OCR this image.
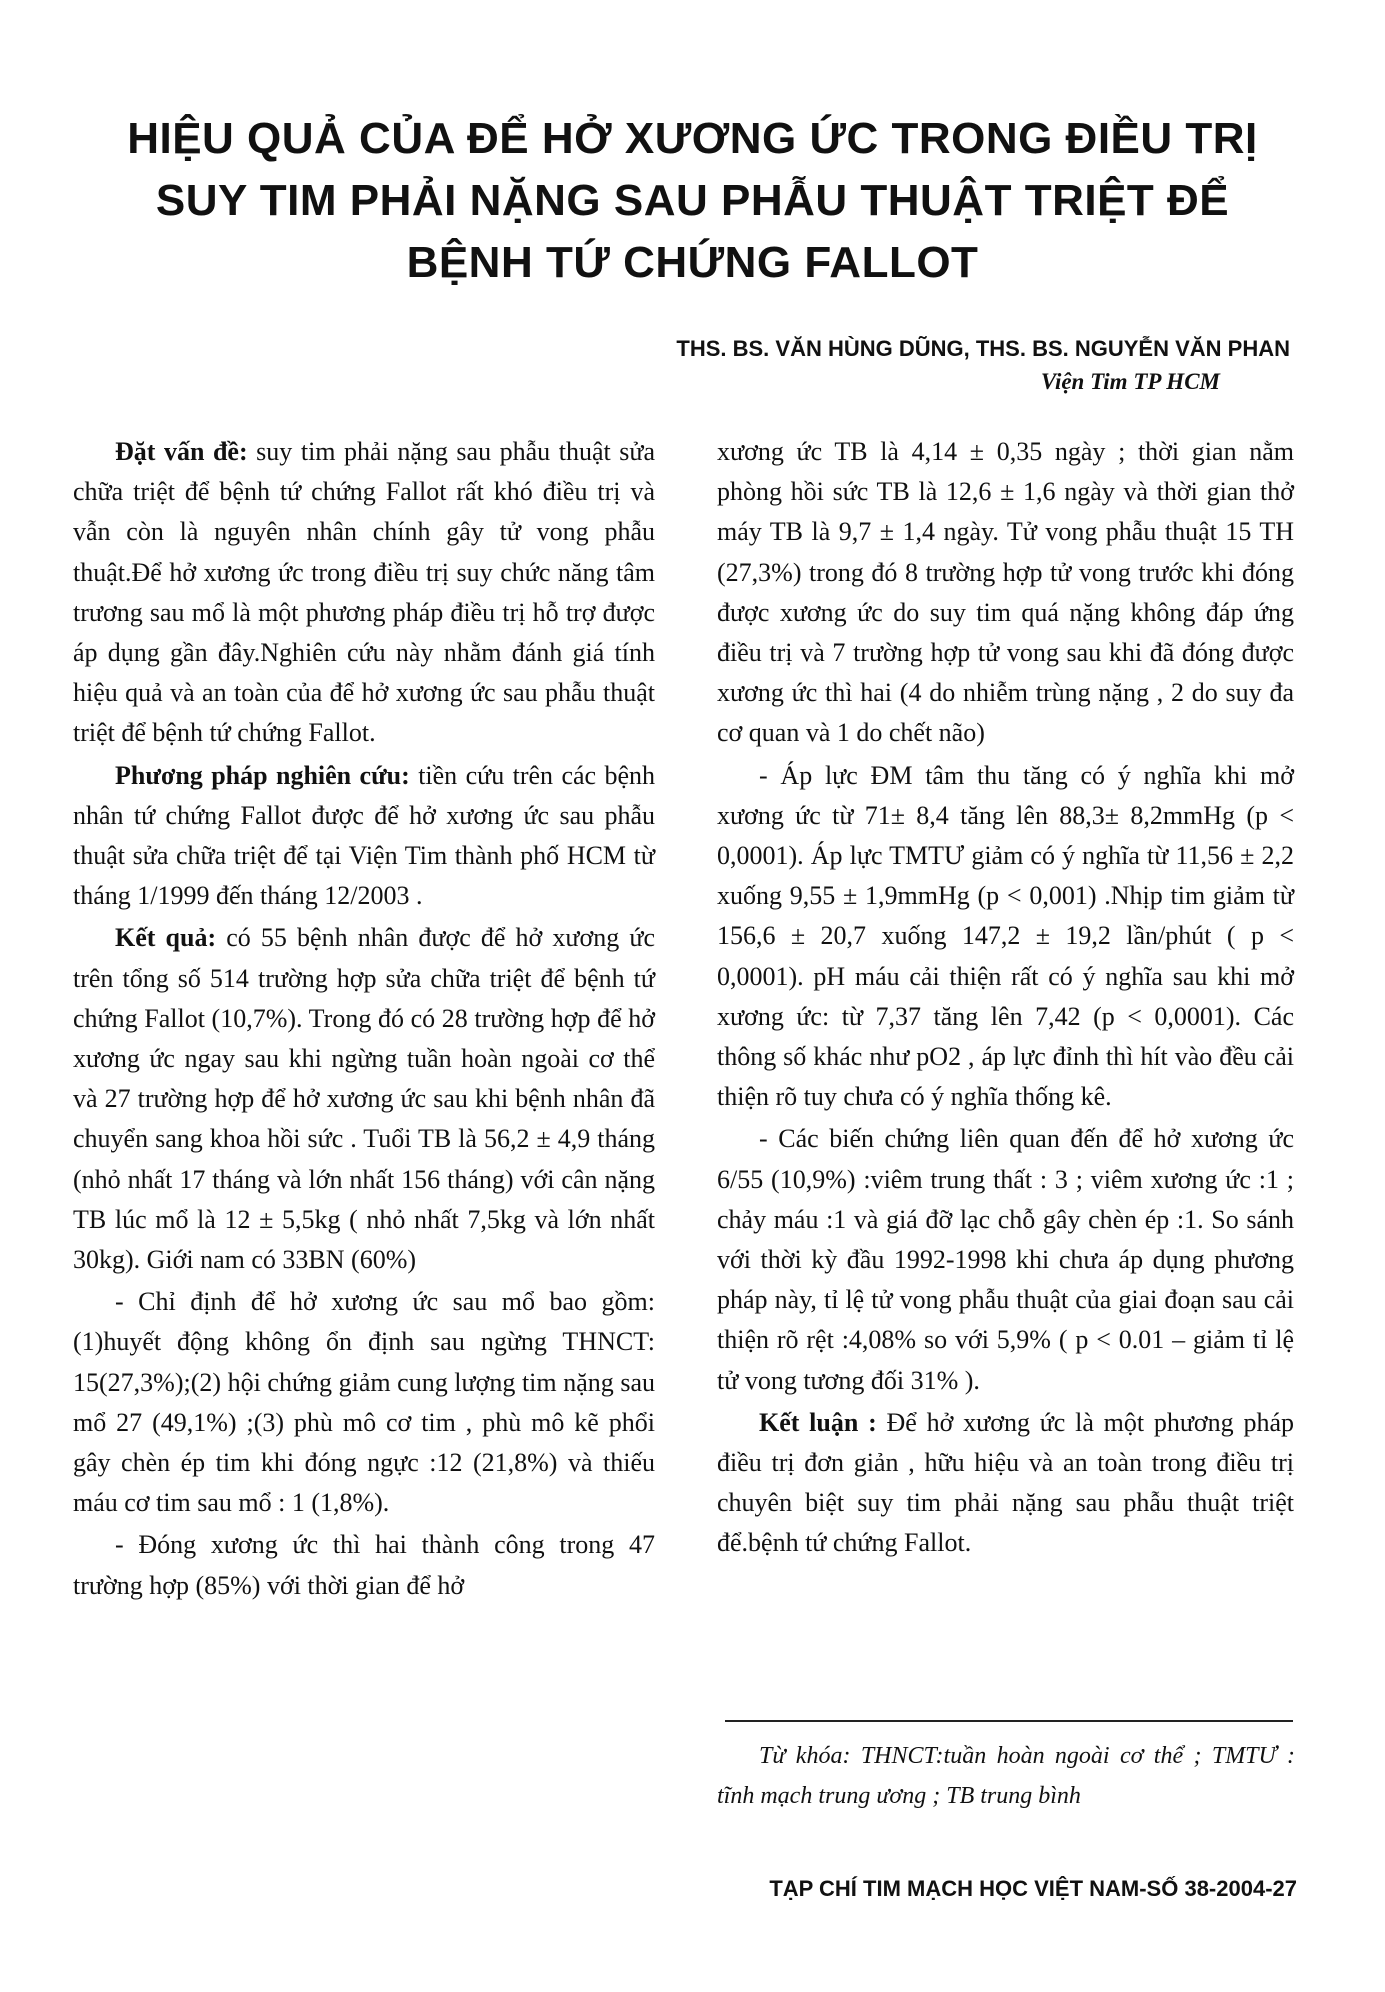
HIỆU QUẢ CỦA ĐỂ HỞ XƯƠNG ỨC TRONG ĐIỀU TRỊ
SUY TIM PHẢI NẶNG SAU PHẪU THUẬT TRIỆT ĐỂ
BỆNH TỨ CHỨNG FALLOT
THS. BS. VĂN HÙNG DŨNG, THS. BS. NGUYỄN VĂN PHAN
Viện Tim TP HCM

Đặt vấn đề: suy tim phải nặng sau phẫu thuật sửa chữa triệt để bệnh tứ chứng Fallot rất khó điều trị và vẫn còn là nguyên nhân chính gây tử vong phẫu thuật.Để hở xương ức trong điều trị suy chức năng tâm trương sau mổ là một phương pháp điều trị hỗ trợ được áp dụng gần đây.Nghiên cứu này nhằm đánh giá tính hiệu quả và an toàn của để hở xương ức sau phẫu thuật triệt để bệnh tứ chứng Fallot.

Phương pháp nghiên cứu: tiền cứu trên các bệnh nhân tứ chứng Fallot được để hở xương ức sau phẫu thuật sửa chữa triệt để tại Viện Tim thành phố HCM từ tháng 1/1999 đến tháng 12/2003 .

Kết quả: có 55 bệnh nhân được để hở xương ức trên tổng số 514 trường hợp sửa chữa triệt để bệnh tứ chứng Fallot (10,7%). Trong đó có 28 trường hợp để hở xương ức ngay sau khi ngừng tuần hoàn ngoài cơ thể và 27 trường hợp để hở xương ức sau khi bệnh nhân đã chuyển sang khoa hồi sức . Tuổi TB là 56,2 ± 4,9 tháng (nhỏ nhất 17 tháng và lớn nhất 156 tháng) với cân nặng TB lúc mổ là 12 ± 5,5kg ( nhỏ nhất 7,5kg và lớn nhất 30kg). Giới nam có 33BN (60%)

- Chỉ định để hở xương ức sau mổ bao gồm:(1)huyết động không ổn định sau ngừng THNCT: 15(27,3%);(2) hội chứng giảm cung lượng tim nặng sau mổ 27 (49,1%) ;(3) phù mô cơ tim , phù mô kẽ phổi gây chèn ép tim khi đóng ngực :12 (21,8%) và thiếu máu cơ tim sau mổ : 1 (1,8%).

- Đóng xương ức thì hai thành công trong 47 trường hợp (85%) với thời gian để hở

xương ức TB là 4,14 ± 0,35 ngày ; thời gian nằm phòng hồi sức TB là 12,6 ± 1,6 ngày và thời gian thở máy TB là 9,7 ± 1,4 ngày. Tử vong phẫu thuật 15 TH (27,3%) trong đó 8 trường hợp tử vong trước khi đóng được xương ức do suy tim quá nặng không đáp ứng điều trị và 7 trường hợp tử vong sau khi đã đóng được xương ức thì hai (4 do nhiễm trùng nặng , 2 do suy đa cơ quan và 1 do chết não)

- Áp lực ĐM tâm thu tăng có ý nghĩa khi mở xương ức từ 71± 8,4 tăng lên 88,3± 8,2mmHg (p < 0,0001). Áp lực TMTƯ giảm có ý nghĩa từ 11,56 ± 2,2 xuống 9,55 ± 1,9mmHg (p < 0,001) .Nhịp tim giảm từ 156,6 ± 20,7 xuống 147,2 ± 19,2 lần/phút ( p < 0,0001). pH máu cải thiện rất có ý nghĩa sau khi mở xương ức: từ 7,37 tăng lên 7,42 (p < 0,0001). Các thông số khác như pO2 , áp lực đỉnh thì hít vào đều cải thiện rõ tuy chưa có ý nghĩa thống kê.

- Các biến chứng liên quan đến để hở xương ức 6/55 (10,9%) :viêm trung thất : 3 ; viêm xương ức :1 ; chảy máu :1 và giá đỡ lạc chỗ gây chèn ép :1. So sánh với thời kỳ đầu 1992-1998 khi chưa áp dụng phương pháp này, tỉ lệ tử vong phẫu thuật của giai đoạn sau cải thiện rõ rệt :4,08% so với 5,9% ( p < 0.01 – giảm tỉ lệ tử vong tương đối 31% ).

Kết luận : Để hở xương ức là một phương pháp điều trị đơn giản , hữu hiệu và an toàn trong điều trị chuyên biệt suy tim phải nặng sau phẫu thuật triệt để.bệnh tứ chứng Fallot.

Từ khóa: THNCT:tuần hoàn ngoài cơ thể ; TMTƯ : tĩnh mạch trung ương ; TB trung bình

TẠP CHÍ TIM MẠCH HỌC VIỆT NAM-SỐ 38-2004-27
